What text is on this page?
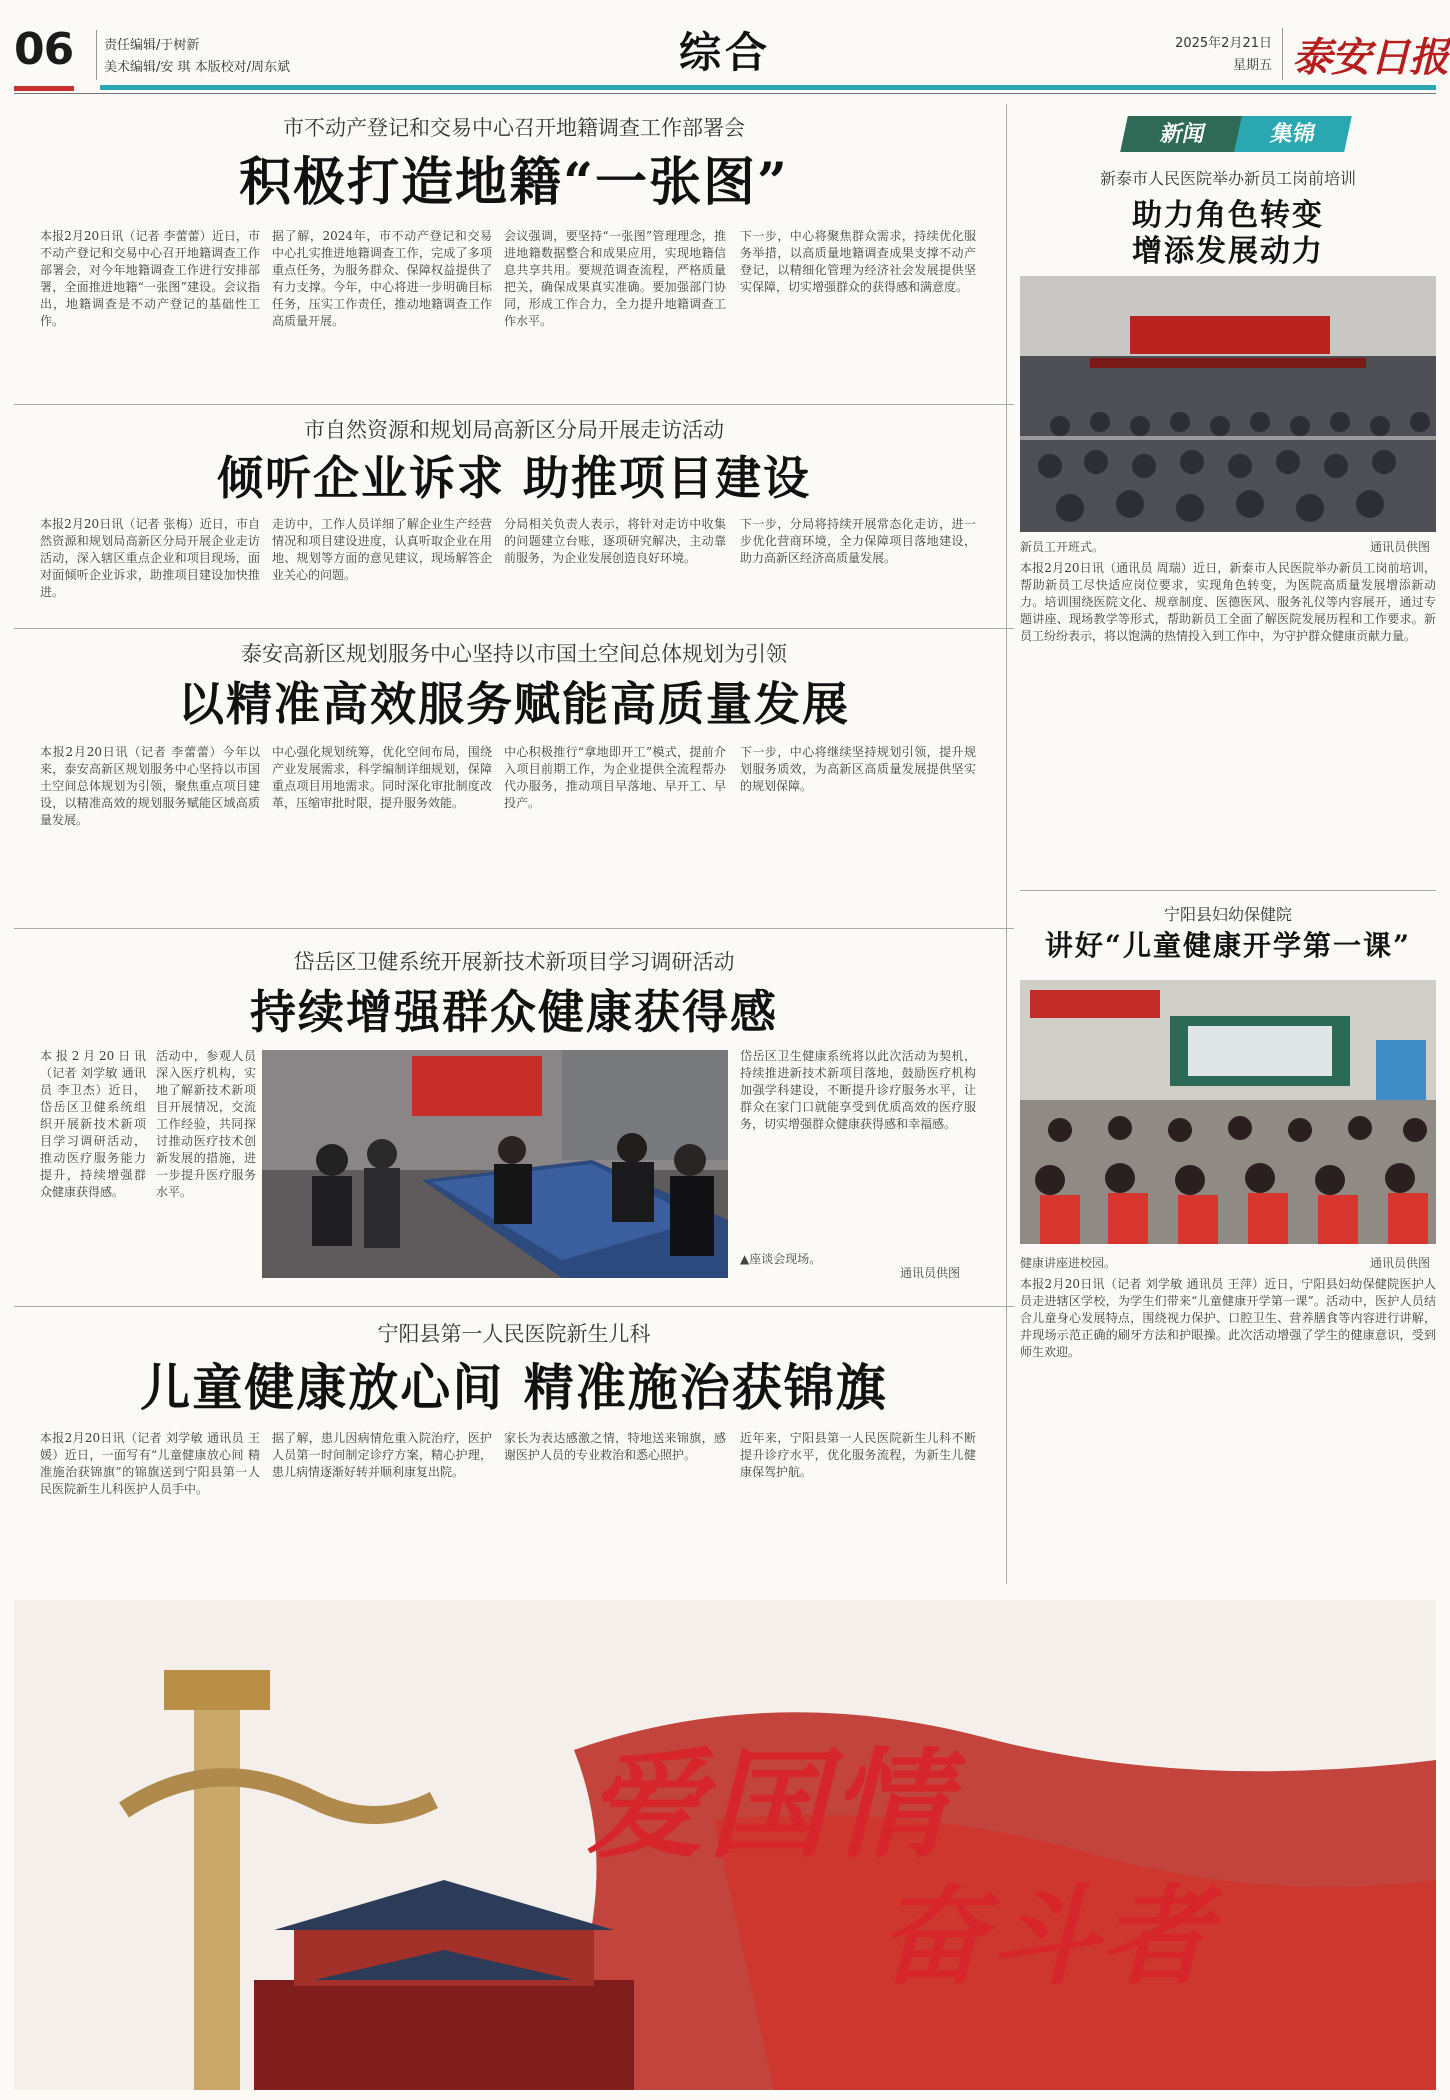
06 责任编辑/于树新
美术编辑/安 琪 本版校对/周东斌	综合	2025年2月21日
星期五 泰安日报
市不动产登记和交易中心召开地籍调查工作部署会
积极打造地籍“一张图”
本报2月20日讯（记者 李蕾蕾）近日，市不动产登记和交易中心召开地籍调查工作部署会，对今年地籍调查工作进行安排部署，全面推进地籍“一张图”建设。会议指出，地籍调查是不动产登记的基础性工作。
据了解，2024年，市不动产登记和交易中心扎实推进地籍调查工作，完成了多项重点任务，为服务群众、保障权益提供了有力支撑。今年，中心将进一步明确目标任务，压实工作责任，推动地籍调查工作高质量开展。
会议强调，要坚持“一张图”管理理念，推进地籍数据整合和成果应用，实现地籍信息共享共用。要规范调查流程，严格质量把关，确保成果真实准确。要加强部门协同，形成工作合力，全力提升地籍调查工作水平。
下一步，中心将聚焦群众需求，持续优化服务举措，以高质量地籍调查成果支撑不动产登记，以精细化管理为经济社会发展提供坚实保障，切实增强群众的获得感和满意度。
市自然资源和规划局高新区分局开展走访活动
倾听企业诉求 助推项目建设
本报2月20日讯（记者 张梅）近日，市自然资源和规划局高新区分局开展企业走访活动，深入辖区重点企业和项目现场，面对面倾听企业诉求，助推项目建设加快推进。
走访中，工作人员详细了解企业生产经营情况和项目建设进度，认真听取企业在用地、规划等方面的意见建议，现场解答企业关心的问题。
分局相关负责人表示，将针对走访中收集的问题建立台账，逐项研究解决，主动靠前服务，为企业发展创造良好环境。
下一步，分局将持续开展常态化走访，进一步优化营商环境，全力保障项目落地建设，助力高新区经济高质量发展。
泰安高新区规划服务中心坚持以市国土空间总体规划为引领
以精准高效服务赋能高质量发展
本报2月20日讯（记者 李蕾蕾）今年以来，泰安高新区规划服务中心坚持以市国土空间总体规划为引领，聚焦重点项目建设，以精准高效的规划服务赋能区域高质量发展。
中心强化规划统筹，优化空间布局，围绕产业发展需求，科学编制详细规划，保障重点项目用地需求。同时深化审批制度改革，压缩审批时限，提升服务效能。
中心积极推行“拿地即开工”模式，提前介入项目前期工作，为企业提供全流程帮办代办服务，推动项目早落地、早开工、早投产。
下一步，中心将继续坚持规划引领，提升规划服务质效，为高新区高质量发展提供坚实的规划保障。
岱岳区卫健系统开展新技术新项目学习调研活动
持续增强群众健康获得感
本报2月20日讯（记者 刘学敏 通讯员 李卫杰）近日，岱岳区卫健系统组织开展新技术新项目学习调研活动，推动医疗服务能力提升，持续增强群众健康获得感。
活动中，参观人员深入医疗机构，实地了解新技术新项目开展情况，交流工作经验，共同探讨推动医疗技术创新发展的措施，进一步提升医疗服务水平。
岱岳区卫生健康系统将以此次活动为契机，持续推进新技术新项目落地，鼓励医疗机构加强学科建设，不断提升诊疗服务水平，让群众在家门口就能享受到优质高效的医疗服务，切实增强群众健康获得感和幸福感。
▲座谈会现场。
通讯员供图
宁阳县第一人民医院新生儿科
儿童健康放心间 精准施治获锦旗
本报2月20日讯（记者 刘学敏 通讯员 王媛）近日，一面写有“儿童健康放心间 精准施治获锦旗”的锦旗送到宁阳县第一人民医院新生儿科医护人员手中。
据了解，患儿因病情危重入院治疗，医护人员第一时间制定诊疗方案，精心护理，患儿病情逐渐好转并顺利康复出院。
家长为表达感激之情，特地送来锦旗，感谢医护人员的专业救治和悉心照护。
近年来，宁阳县第一人民医院新生儿科不断提升诊疗水平，优化服务流程，为新生儿健康保驾护航。
新闻	集锦
新泰市人民医院举办新员工岗前培训
助力角色转变
增添发展动力
新员工开班式。	通讯员供图
本报2月20日讯（通讯员 周瑞）近日，新泰市人民医院举办新员工岗前培训，帮助新员工尽快适应岗位要求，实现角色转变，为医院高质量发展增添新动力。培训围绕医院文化、规章制度、医德医风、服务礼仪等内容展开，通过专题讲座、现场教学等形式，帮助新员工全面了解医院发展历程和工作要求。新员工纷纷表示，将以饱满的热情投入到工作中，为守护群众健康贡献力量。
宁阳县妇幼保健院
讲好“儿童健康开学第一课”
健康讲座进校园。	通讯员供图
本报2月20日讯（记者 刘学敏 通讯员 王萍）近日，宁阳县妇幼保健院医护人员走进辖区学校，为学生们带来“儿童健康开学第一课”。活动中，医护人员结合儿童身心发展特点，围绕视力保护、口腔卫生、营养膳食等内容进行讲解，并现场示范正确的刷牙方法和护眼操。此次活动增强了学生的健康意识，受到师生欢迎。
爱国情
奋斗者
